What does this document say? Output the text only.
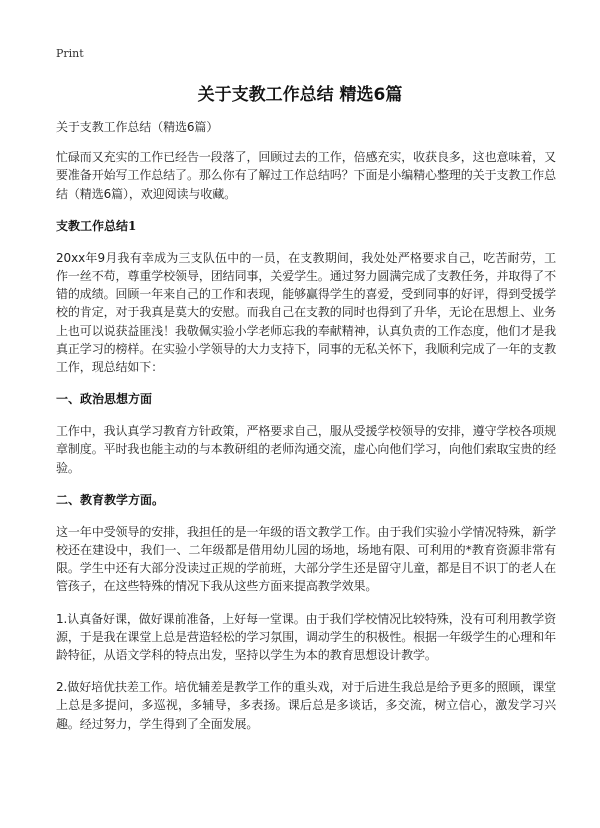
Print
关于支教工作总结 精选6篇

关于支教工作总结（精选6篇）

忙碌而又充实的工作已经告一段落了，回顾过去的工作，倍感充实，收获良多，这也意味着，又要准备开始写工作总结了。那么你有了解过工作总结吗？下面是小编精心整理的关于支教工作总结（精选6篇），欢迎阅读与收藏。

支教工作总结1

20xx年9月我有幸成为三支队伍中的一员，在支教期间，我处处严格要求自己，吃苦耐劳，工作一丝不苟，尊重学校领导，团结同事，关爱学生。通过努力圆满完成了支教任务，并取得了不错的成绩。回顾一年来自己的工作和表现，能够赢得学生的喜爱，受到同事的好评，得到受援学校的肯定，对于我真是莫大的安慰。而我自己在支教的同时也得到了升华，无论在思想上、业务上也可以说获益匪浅！我敬佩实验小学老师忘我的奉献精神，认真负责的工作态度，他们才是我真正学习的榜样。在实验小学领导的大力支持下，同事的无私关怀下，我顺利完成了一年的支教工作，现总结如下：

一、政治思想方面

工作中，我认真学习教育方针政策，严格要求自己，服从受援学校领导的安排，遵守学校各项规章制度。平时我也能主动的与本教研组的老师沟通交流，虚心向他们学习，向他们索取宝贵的经验。

二、教育教学方面。

这一年中受领导的安排，我担任的是一年级的语文教学工作。由于我们实验小学情况特殊，新学校还在建设中，我们一、二年级都是借用幼儿园的场地，场地有限、可利用的*教育资源非常有限。学生中还有大部分没读过正规的学前班，大部分学生还是留守儿童，都是目不识丁的老人在管孩子，在这些特殊的情况下我从这些方面来提高教学效果。

1.认真备好课，做好课前准备，上好每一堂课。由于我们学校情况比较特殊，没有可利用教学资源，于是我在课堂上总是营造轻松的学习氛围，调动学生的积极性。根据一年级学生的心理和年龄特征，从语文学科的特点出发，坚持以学生为本的教育思想设计教学。

2.做好培优扶差工作。培优辅差是教学工作的重头戏，对于后进生我总是给予更多的照顾，课堂上总是多提问，多巡视，多辅导，多表扬。课后总是多谈话，多交流，树立信心，激发学习兴趣。经过努力，学生得到了全面发展。
